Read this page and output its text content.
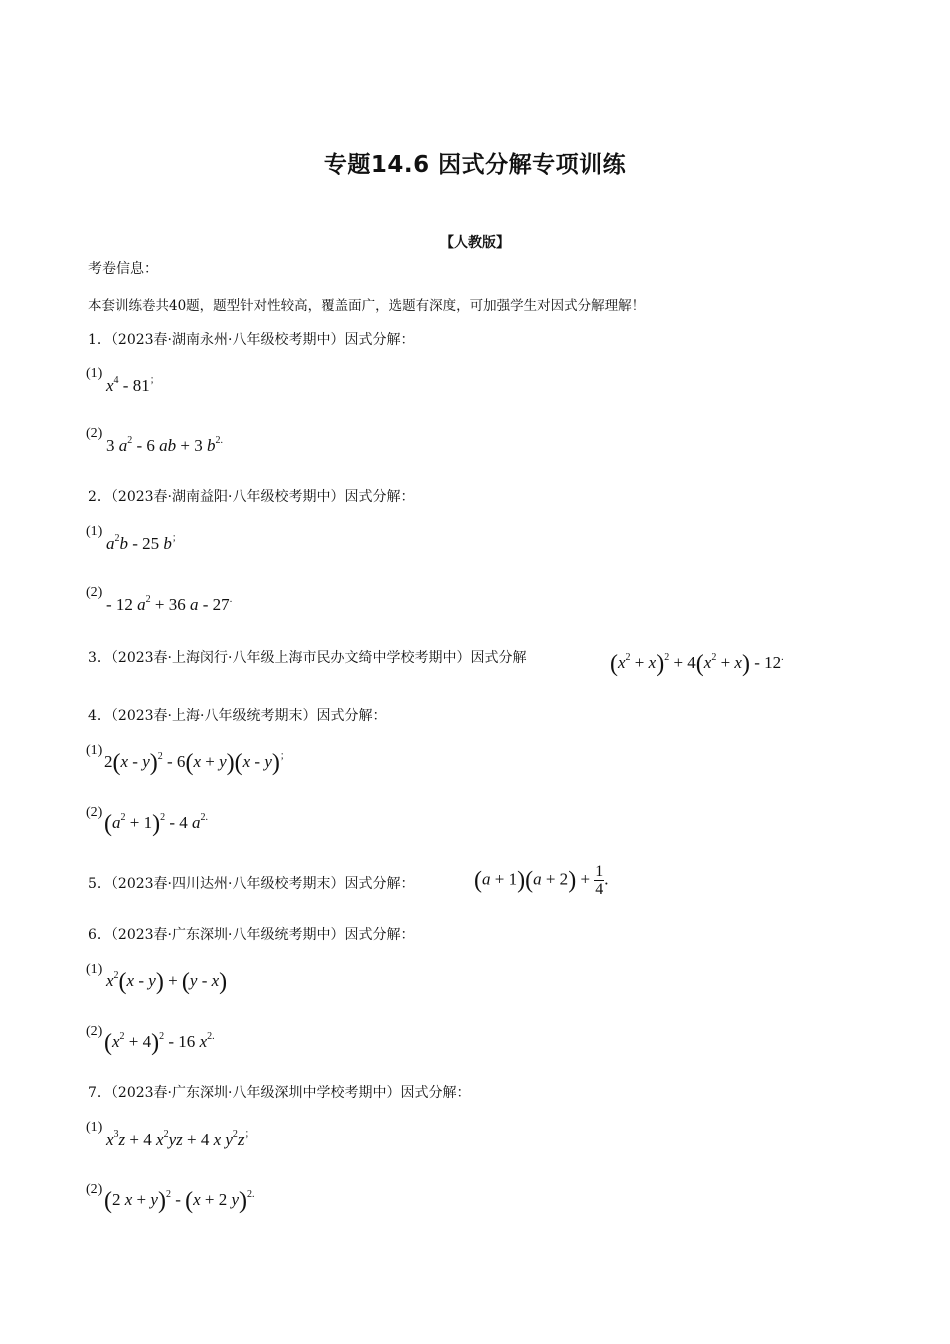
专题14.6 因式分解专项训练
【人教版】
考卷信息：
本套训练卷共40题，题型针对性较高，覆盖面广，选题有深度，可加强学生对因式分解理解！
1．（2023春·湖南永州·八年级校考期中）因式分解：
(1)
$x^4 - 81^;$
(2)
3 $a^2 - 6$ ab + 3 $b^{2.}$
2．（2023春·湖南益阳·八年级校考期中）因式分解：
(1)
$a^2b - 25$ b；
(2)
- 12 $a^2 + 36$ a - 27.
3．（2023春·上海闵行·八年级上海市民办文绮中学校考期中）因式分解	$(x^2 + x)^2 + 4(x^2 + x) - 12^.$
4．（2023春·上海·八年级统考期末）因式分解：
(1)
2(x - y)$^2$ - 6(x + y)(x - y)；
(2) $(a^2 + 1)^2 - 4$ $a^{2.}$
5．（2023春·四川达州·八年级校考期末）因式分解： $(a + 1)(a + 2) + \frac{1}{4}$ .
6．（2023春·广东深圳·八年级统考期中）因式分解：
(1)
$x^2(x - y) + (y - x)$
(2) $(x^2 + 4)^2 - 16$ $x^{2.}$
7．（2023春·广东深圳·八年级深圳中学校考期中）因式分解：
(1)
$x^3z + 4$ $x^2yz + 4$ x $y^2z^;$
(2) (2 x + y)$^2$ - (x + 2 y)$^{2.}$
